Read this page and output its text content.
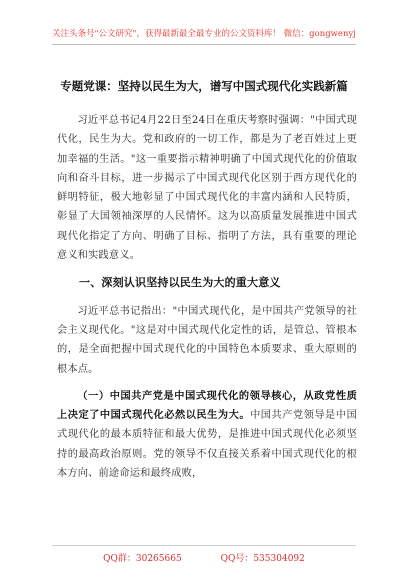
关注头条号"公文研究"，获得最新最全最专业的公文资料库！ 微信：gongwenyj
专题党课：坚持以民生为大，谱写中国式现代化实践新篇

习近平总书记4月22日至24日在重庆考察时强调："中国式现代化，民生为大。党和政府的一切工作，都是为了老百姓过上更加幸福的生活。"这一重要指示精神明确了中国式现代化的价值取向和奋斗目标，进一步揭示了中国式现代化区别于西方现代化的鲜明特征，极大地彰显了中国式现代化的丰富内涵和人民特质，彰显了大国领袖深厚的人民情怀。这为以高质量发展推进中国式现代化指定了方向、明确了目标、指明了方法，具有重要的理论意义和实践意义。

一、深刻认识坚持以民生为大的重大意义

习近平总书记指出："中国式现代化，是中国共产党领导的社会主义现代化。"这是对中国式现代化定性的话，是管总、管根本的，是全面把握中国式现代化的中国特色本质要求、重大原则的根本点。

（一）中国共产党是中国式现代化的领导核心，从政党性质上决定了中国式现代化必然以民生为大。中国共产党领导是中国式现代化的最本质特征和最大优势，是推进中国式现代化必须坚持的最高政治原则。党的领导不仅直接关系着中国式现代化的根本方向、前途命运和最终成败，

QQ群：30265665	QQ号：535304092
